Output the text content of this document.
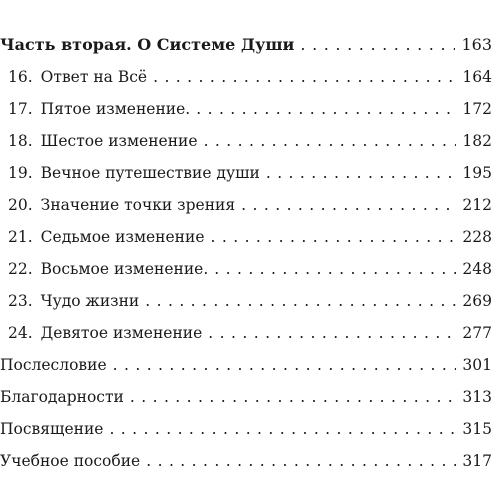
Часть вторая. О Системе Души . . .	163
16. Ответ на Всё . . .	164
17. Пятое изменение. . . .	172
18. Шестое изменение . . .	182
19. Вечное путешествие души . . .	195
20. Значение точки зрения . . .	212
21. Седьмое изменение . . .	228
22. Восьмое изменение. . . .	248
23. Чудо жизни . . .	269
24. Девятое изменение . . .	277
Послесловие . . .	301
Благодарности . . .	313
Посвящение . . .	315
Учебное пособие . . .	317
